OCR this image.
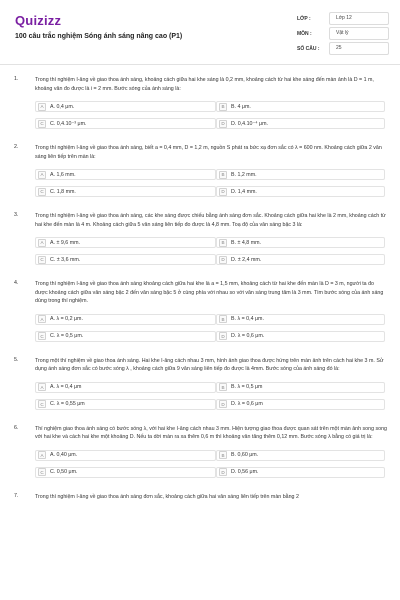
Quizizz
100 câu trắc nghiệm Sóng ánh sáng nâng cao (P1)
LỚP :	Lớp 12
MÔN :	Vật lý
SỐ CÂU :	25
1.	Trong thí nghiệm I-âng về giao thoa ánh sáng, khoảng cách giữa hai khe sáng là 0,2 mm, khoảng cách từ hai khe sáng đến màn ảnh là D = 1 m, khoảng vân đo được là i = 2 mm. Bước sóng của ánh sáng là:
A	A. 0,4 μm.	B	B. 4 μm.
C	C. 0,4.10⁻³ μm.	D	D. 0,4.10⁻⁴ μm.
2.	Trong thí nghiệm I-âng về giao thoa ánh sáng, biết a = 0,4 mm, D = 1,2 m, nguồn S phát ra bức xạ đơn sắc có λ = 600 nm. Khoảng cách giữa 2 vân sáng liên tiếp trên màn là:
A	A. 1,6 mm.	B	B. 1,2 mm.
C	C. 1,8 mm.	D	D. 1,4 mm.
3.	Trong thí nghiệm I-âng về giao thoa ánh sáng, các khe sáng được chiếu bằng ánh sáng đơn sắc. Khoảng cách giữa hai khe là 2 mm, khoảng cách từ hai khe đến màn là 4 m. Khoảng cách giữa 5 vân sáng liên tiếp đo được là 4,8 mm. Toạ độ của vân sáng bậc 3 là:
A	A. ± 9,6 mm.	B	B. ± 4,8 mm.
C	C. ± 3,6 mm.	D	D. ± 2,4 mm.
4.	Trong thí nghiệm I-âng về giao thoa ánh sáng khoảng cách giữa hai khe là a = 1,5 mm, khoảng cách từ hai khe đến màn là D = 3 m, người ta đo được khoảng cách giữa vân sáng bậc 2 đến vân sáng bậc 5 ở cùng phía với nhau so với vân sáng trung tâm là 3 mm. Tìm bước sóng của ánh sáng dùng trong thí nghiệm.
A	A. λ = 0,2 μm.	B	B. λ = 0,4 μm.
C	C. λ = 0,5 μm.	D	D. λ = 0,6 μm.
5.	Trong một thí nghiệm về giao thoa ánh sáng. Hai khe I-âng cách nhau 3 mm, hình ảnh giao thoa được hứng trên màn ảnh trên cách hai khe 3 m. Sử dụng ánh sáng đơn sắc có bước sóng λ , khoảng cách giữa 9 vân sáng liên tiếp đo được là 4mm. Bước sóng của ánh sáng đó là:
A	A. λ = 0,4 μm	B	B. λ = 0,5 μm
C	C. λ = 0,55 μm	D	D. λ = 0,6 μm
6.	Thí nghiệm giao thoa ánh sáng có bước sóng λ, với hai khe I-âng cách nhau 3 mm. Hiện tượng giao thoa được quan sát trên một màn ảnh song song với hai khe và cách hai khe một khoảng D. Nếu ta dời màn ra xa thêm 0,6 m thì khoảng vân tăng thêm 0,12 mm. Bước sóng λ bằng có giá trị là:
A	A. 0,40 μm.	B	B. 0,60 μm.
C	C. 0,50 μm.	D	D. 0,56 μm.
7.	Trong thí nghiệm I-âng về giao thoa ánh sáng đơn sắc, khoảng cách giữa hai vân sáng liên tiếp trên màn bằng 2
